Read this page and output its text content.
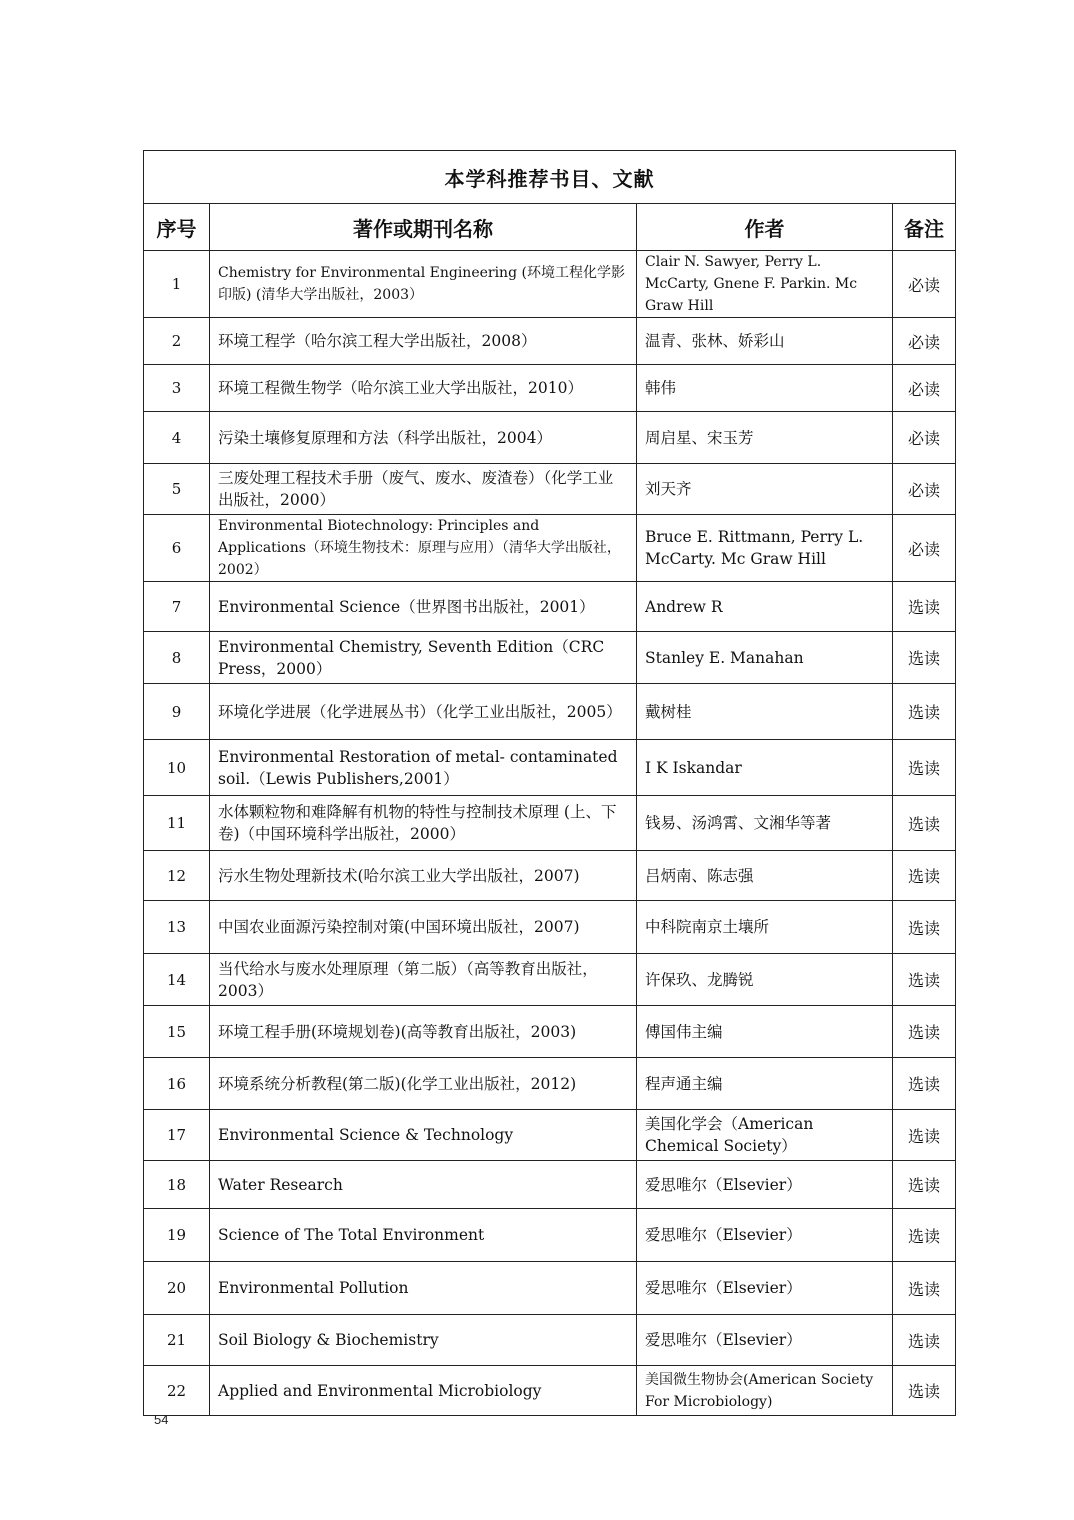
本学科推荐书目、文献			
序号	著作或期刊名称	作者	备注
1	Chemistry for Environmental Engineering (环境工程化学影印版) (清华大学出版社，2003）	Clair N. Sawyer, Perry L. McCarty, Gnene F. Parkin. Mc Graw Hill	必读
2	环境工程学（哈尔滨工程大学出版社，2008）	温青、张林、娇彩山	必读
3	环境工程微生物学（哈尔滨工业大学出版社，2010）	韩伟	必读
4	污染土壤修复原理和方法（科学出版社，2004）	周启星、宋玉芳	必读
5	三废处理工程技术手册（废气、废水、废渣卷）（化学工业出版社，2000）	刘天齐	必读
6	Environmental Biotechnology: Principles and Applications（环境生物技术：原理与应用）（清华大学出版社，2002）	Bruce E. Rittmann, Perry L. McCarty. Mc Graw Hill	必读
7	Environmental Science（世界图书出版社，2001）	Andrew R	选读
8	Environmental Chemistry, Seventh Edition（CRC Press，2000）	Stanley E. Manahan	选读
9	环境化学进展（化学进展丛书）（化学工业出版社，2005）	戴树桂	选读
10	Environmental Restoration of metal- contaminated soil.（Lewis Publishers,2001）	I K Iskandar	选读
11	水体颗粒物和难降解有机物的特性与控制技术原理 (上、下卷)（中国环境科学出版社，2000）	钱易、汤鸿霄、文湘华等著	选读
12	污水生物处理新技术(哈尔滨工业大学出版社，2007)	吕炳南、陈志强	选读
13	中国农业面源污染控制对策(中国环境出版社，2007)	中科院南京土壤所	选读
14	当代给水与废水处理原理（第二版）（高等教育出版社，2003）	许保玖、龙腾锐	选读
15	环境工程手册(环境规划卷)(高等教育出版社，2003)	傅国伟主编	选读
16	环境系统分析教程(第二版)(化学工业出版社，2012)	程声通主编	选读
17	Environmental Science & Technology	美国化学会（American Chemical Society）	选读
18	Water Research	爱思唯尔（Elsevier）	选读
19	Science of The Total Environment	爱思唯尔（Elsevier）	选读
20	Environmental Pollution	爱思唯尔（Elsevier）	选读
21	Soil Biology & Biochemistry	爱思唯尔（Elsevier）	选读
22	Applied and Environmental Microbiology	美国微生物协会(American Society For Microbiology)	选读
54
